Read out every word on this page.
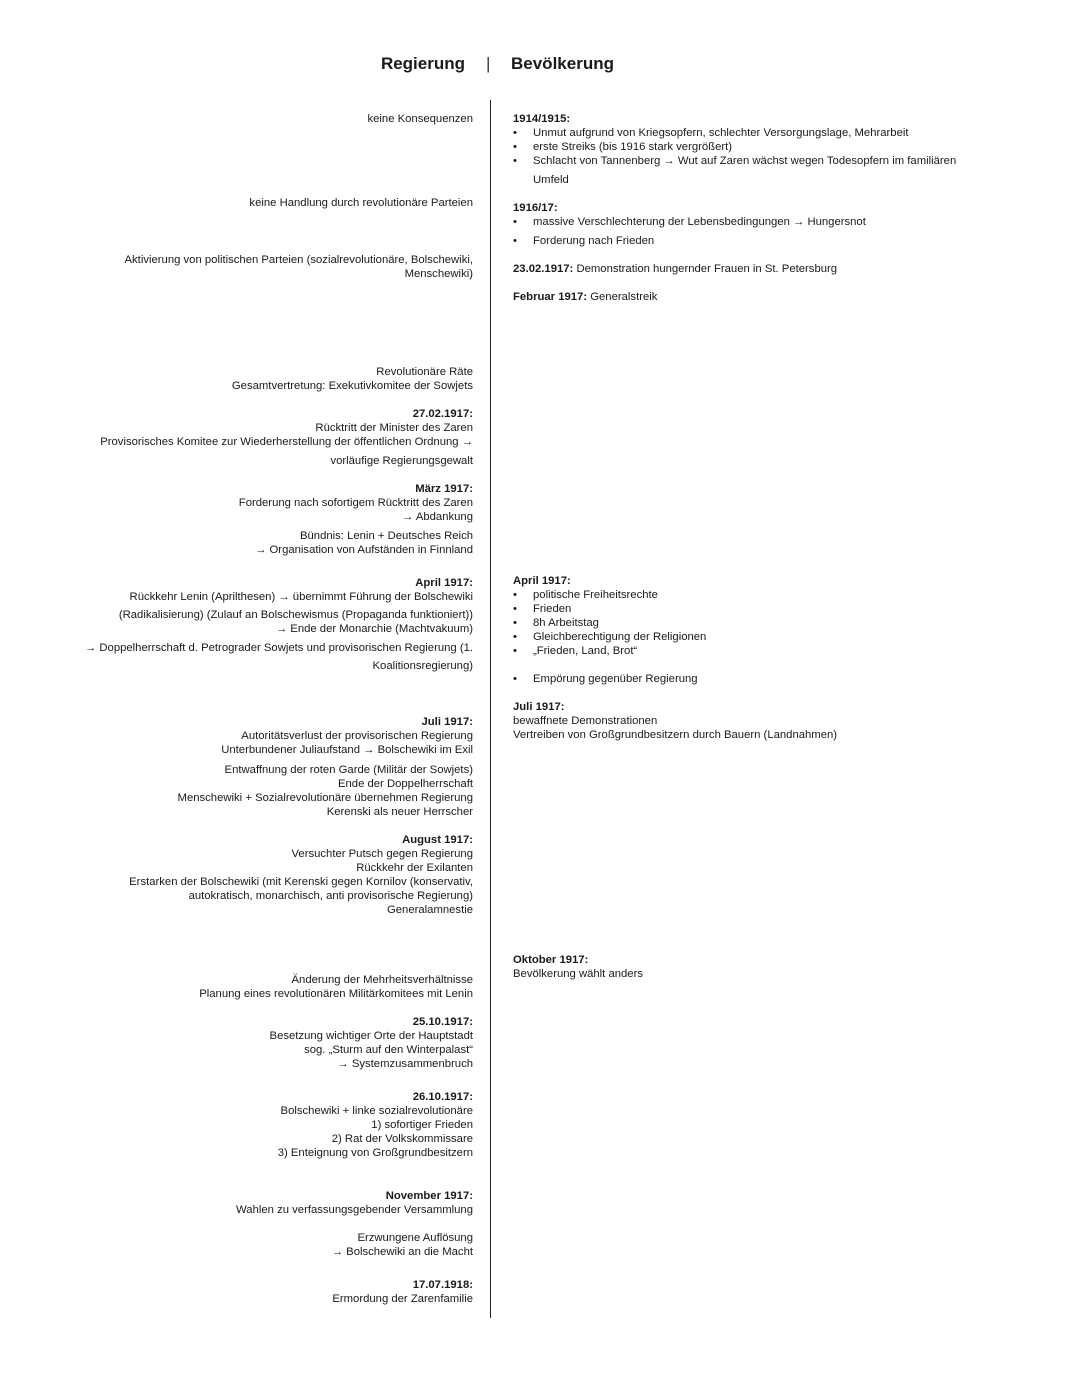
Regierung | Bevölkerung
keine Konsequenzen
keine Handlung durch revolutionäre Parteien
Aktivierung von politischen Parteien (sozialrevolutionäre, Bolschewiki,
Menschewiki)
Revolutionäre Räte
Gesamtvertretung: Exekutivkomitee der Sowjets
27.02.1917:
Rücktritt der Minister des Zaren
Provisorisches Komitee zur Wiederherstellung der öffentlichen Ordnung →
vorläufige Regierungsgewalt
März 1917:
Forderung nach sofortigem Rücktritt des Zaren
→ Abdankung
Bündnis: Lenin + Deutsches Reich
→ Organisation von Aufständen in Finnland
April 1917:
Rückkehr Lenin (Aprilthesen) → übernimmt Führung der Bolschewiki
(Radikalisierung) (Zulauf an Bolschewismus (Propaganda funktioniert))
→ Ende der Monarchie (Machtvakuum)
→ Doppelherrschaft d. Petrograder Sowjets und provisorischen Regierung (1.
Koalitionsregierung)
Juli 1917:
Autoritätsverlust der provisorischen Regierung
Unterbundener Juliaufstand → Bolschewiki im Exil
Entwaffnung der roten Garde (Militär der Sowjets)
Ende der Doppelherrschaft
Menschewiki + Sozialrevolutionäre übernehmen Regierung
Kerenski als neuer Herrscher
August 1917:
Versuchter Putsch gegen Regierung
Rückkehr der Exilanten
Erstarken der Bolschewiki (mit Kerenski gegen Kornilov (konservativ,
autokratisch, monarchisch, anti provisorische Regierung)
Generalamnestie
Änderung der Mehrheitsverhältnisse
Planung eines revolutionären Militärkomitees mit Lenin
25.10.1917:
Besetzung wichtiger Orte der Hauptstadt
sog. „Sturm auf den Winterpalast“
→ Systemzusammenbruch
26.10.1917:
Bolschewiki + linke sozialrevolutionäre
1) sofortiger Frieden
2) Rat der Volkskommissare
3) Enteignung von Großgrundbesitzern
November 1917:
Wahlen zu verfassungsgebender Versammlung
Erzwungene Auflösung
→ Bolschewiki an die Macht
17.07.1918:
Ermordung der Zarenfamilie
1914/1915:
• Unmut aufgrund von Kriegsopfern, schlechter Versorgungslage, Mehrarbeit
• erste Streiks (bis 1916 stark vergrößert)
• Schlacht von Tannenberg → Wut auf Zaren wächst wegen Todesopfern im familiären
Umfeld
1916/17:
• massive Verschlechterung der Lebensbedingungen → Hungersnot
• Forderung nach Frieden
23.02.1917: Demonstration hungernder Frauen in St. Petersburg
Februar 1917: Generalstreik
April 1917:
• politische Freiheitsrechte
• Frieden
• 8h Arbeitstag
• Gleichberechtigung der Religionen
• „Frieden, Land, Brot“
• Empörung gegenüber Regierung
Juli 1917:
bewaffnete Demonstrationen
Vertreiben von Großgrundbesitzern durch Bauern (Landnahmen)
Oktober 1917:
Bevölkerung wählt anders
